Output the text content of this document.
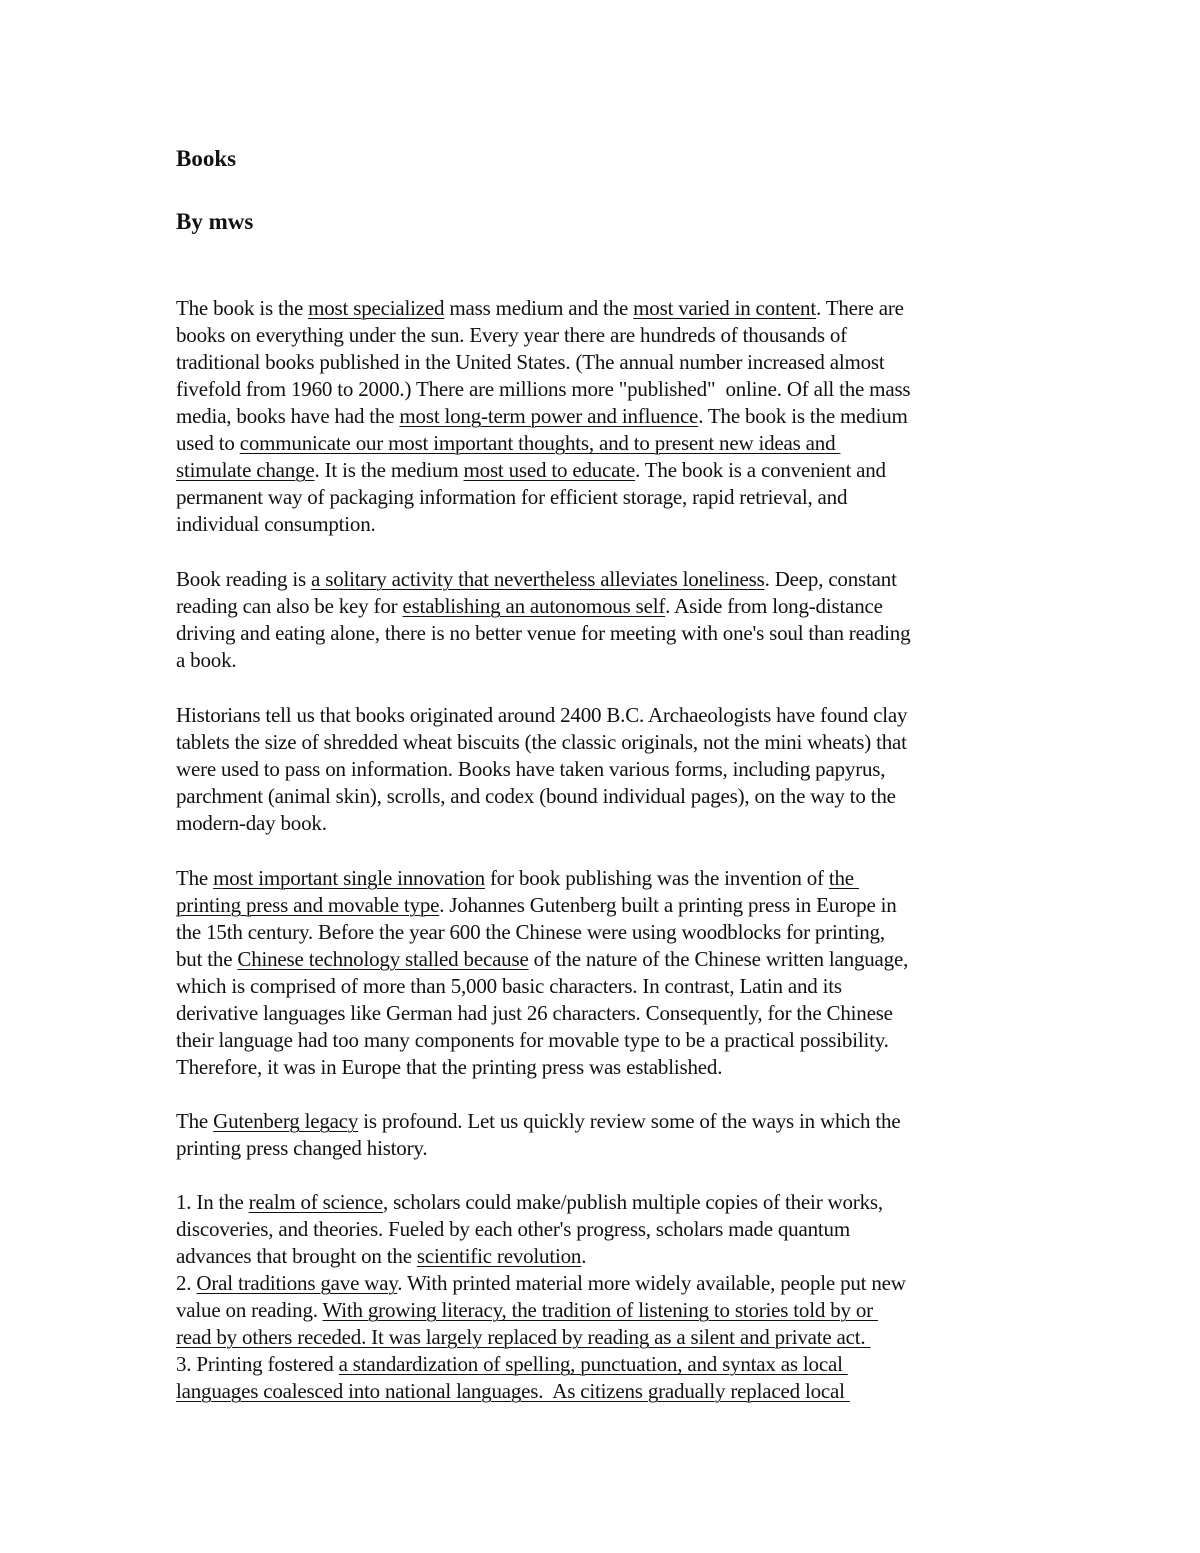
Books
By mws
The book is the most specialized mass medium and the most varied in content. There are
books on everything under the sun. Every year there are hundreds of thousands of
traditional books published in the United States. (The annual number increased almost
fivefold from 1960 to 2000.) There are millions more "published"  online. Of all the mass
media, books have had the most long-term power and influence. The book is the medium
used to communicate our most important thoughts, and to present new ideas and
stimulate change. It is the medium most used to educate. The book is a convenient and
permanent way of packaging information for efficient storage, rapid retrieval, and
individual consumption.
Book reading is a solitary activity that nevertheless alleviates loneliness. Deep, constant
reading can also be key for establishing an autonomous self. Aside from long-distance
driving and eating alone, there is no better venue for meeting with one's soul than reading
a book.
Historians tell us that books originated around 2400 B.C. Archaeologists have found clay
tablets the size of shredded wheat biscuits (the classic originals, not the mini wheats) that
were used to pass on information. Books have taken various forms, including papyrus,
parchment (animal skin), scrolls, and codex (bound individual pages), on the way to the
modern-day book.
The most important single innovation for book publishing was the invention of the
printing press and movable type. Johannes Gutenberg built a printing press in Europe in
the 15th century. Before the year 600 the Chinese were using woodblocks for printing,
but the Chinese technology stalled because of the nature of the Chinese written language,
which is comprised of more than 5,000 basic characters. In contrast, Latin and its
derivative languages like German had just 26 characters. Consequently, for the Chinese
their language had too many components for movable type to be a practical possibility.
Therefore, it was in Europe that the printing press was established.
The Gutenberg legacy is profound. Let us quickly review some of the ways in which the
printing press changed history.
1. In the realm of science, scholars could make/publish multiple copies of their works,
discoveries, and theories. Fueled by each other's progress, scholars made quantum
advances that brought on the scientific revolution.
2. Oral traditions gave way. With printed material more widely available, people put new
value on reading. With growing literacy, the tradition of listening to stories told by or
read by others receded. It was largely replaced by reading as a silent and private act.
3. Printing fostered a standardization of spelling, punctuation, and syntax as local
languages coalesced into national languages.  As citizens gradually replaced local
